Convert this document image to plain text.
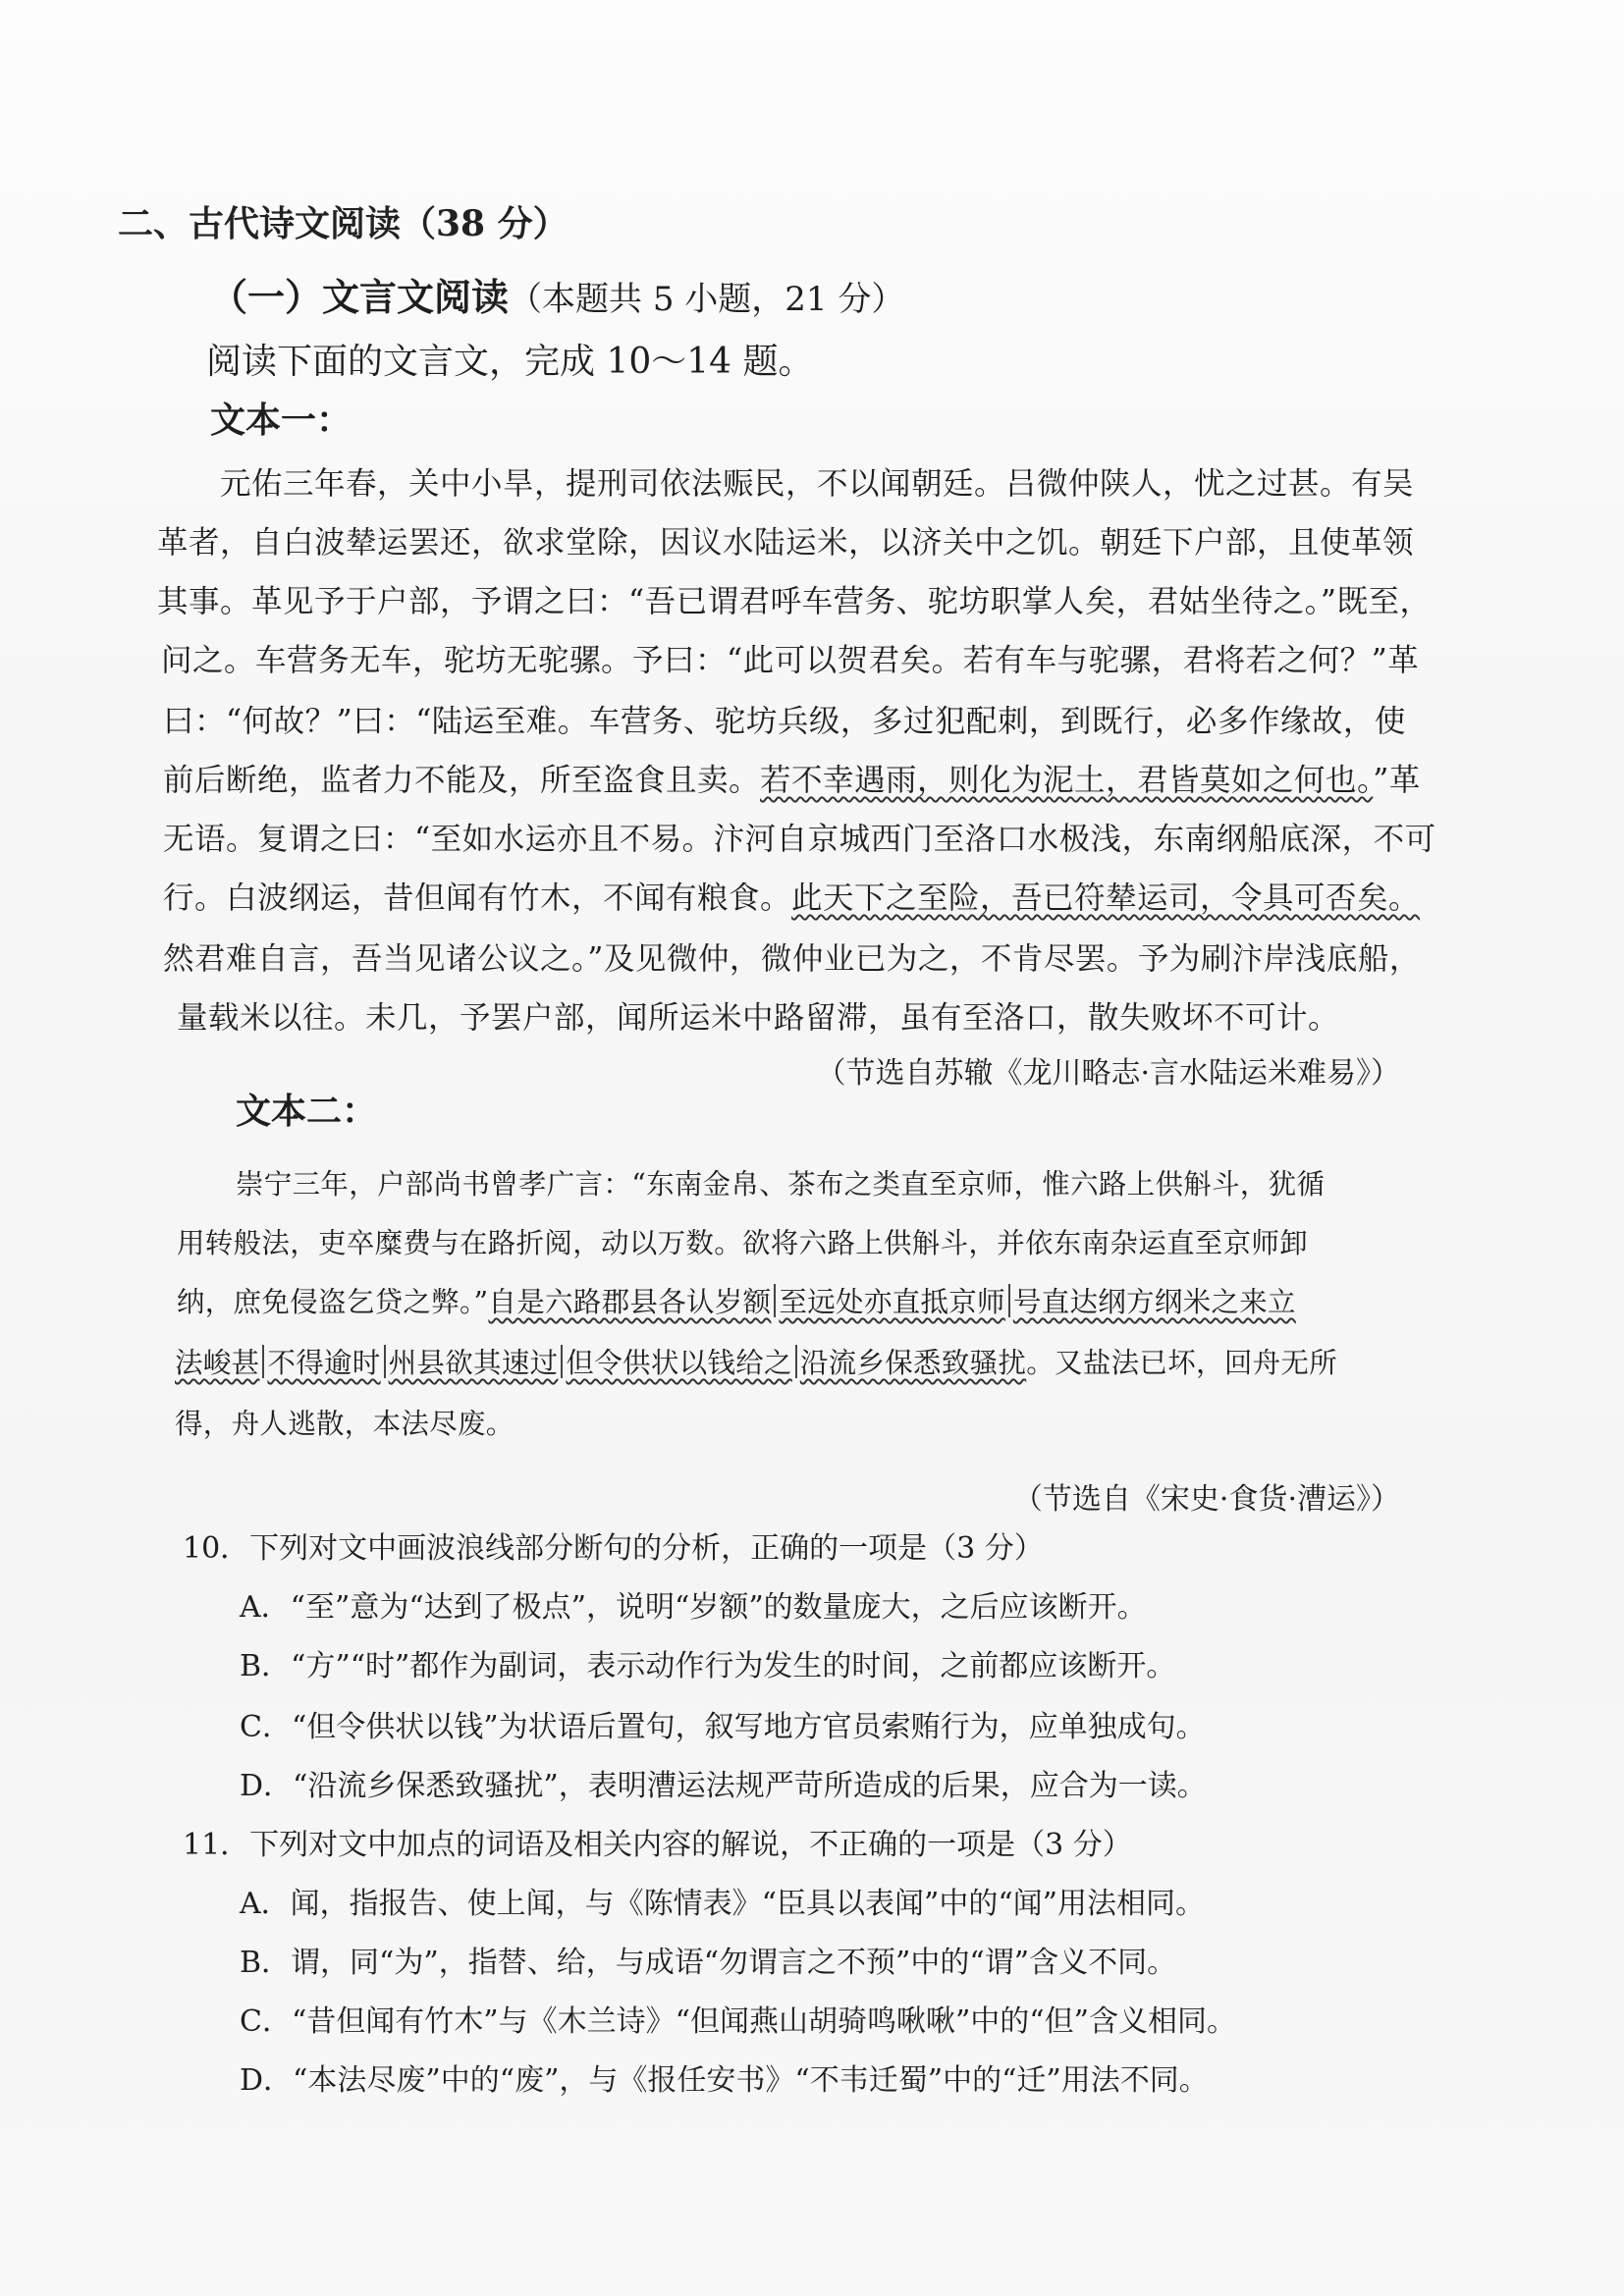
二、古代诗文阅读（38 分）
（一）文言文阅读（本题共 5 小题，21 分）
阅读下面的文言文，完成 10～14 题。
文本一：
元佑三年春，关中小旱，提刑司依法赈民，不以闻朝廷。吕微仲陕人，忧之过甚。有吴
革者，自白波辇运罢还，欲求堂除，因议水陆运米，以济关中之饥。朝廷下户部，且使革领
其事。革见予于户部，予谓之曰：“吾已谓君呼车营务、驼坊职掌人矣，君姑坐待之。”既至，
问之。车营务无车，驼坊无驼骡。予曰：“此可以贺君矣。若有车与驼骡，君将若之何？”革
曰：“何故？”曰：“陆运至难。车营务、驼坊兵级，多过犯配刺，到既行，必多作缘故，使
前后断绝，监者力不能及，所至盗食且卖。若不幸遇雨，则化为泥土，君皆莫如之何也。”革
无语。复谓之曰：“至如水运亦且不易。汴河自京城西门至洛口水极浅，东南纲船底深，不可
行。白波纲运，昔但闻有竹木，不闻有粮食。此天下之至险，吾已符辇运司，令具可否矣。
然君难自言，吾当见诸公议之。”及见微仲，微仲业已为之，不肯尽罢。予为刷汴岸浅底船，
量载米以往。未几，予罢户部，闻所运米中路留滞，虽有至洛口，散失败坏不可计。
（节选自苏辙《龙川略志·言水陆运米难易》）
文本二：
崇宁三年，户部尚书曾孝广言：“东南金帛、茶布之类直至京师，惟六路上供斛斗，犹循
用转般法，吏卒糜费与在路折阅，动以万数。欲将六路上供斛斗，并依东南杂运直至京师卸
纳，庶免侵盗乞贷之弊。”自是六路郡县各认岁额 至远处亦直抵京师 号直达纲方纲米之来立
法峻甚 不得逾时 州县欲其速过 但令供状以钱给之 沿流乡保悉致骚扰。又盐法已坏，回舟无所
得，舟人逃散，本法尽废。
（节选自《宋史·食货·漕运》）
10．下列对文中画波浪线部分断句的分析，正确的一项是（3 分）
A．“至”意为“达到了极点”，说明“岁额”的数量庞大，之后应该断开。
B．“方”“时”都作为副词，表示动作行为发生的时间，之前都应该断开。
C．“但令供状以钱”为状语后置句，叙写地方官员索贿行为，应单独成句。
D．“沿流乡保悉致骚扰”，表明漕运法规严苛所造成的后果，应合为一读。
11．下列对文中加点的词语及相关内容的解说，不正确的一项是（3 分）
A．闻，指报告、使上闻，与《陈情表》“臣具以表闻”中的“闻”用法相同。
B．谓，同“为”，指替、给，与成语“勿谓言之不预”中的“谓”含义不同。
C．“昔但闻有竹木”与《木兰诗》“但闻燕山胡骑鸣啾啾”中的“但”含义相同。
D．“本法尽废”中的“废”，与《报任安书》“不韦迁蜀”中的“迁”用法不同。
